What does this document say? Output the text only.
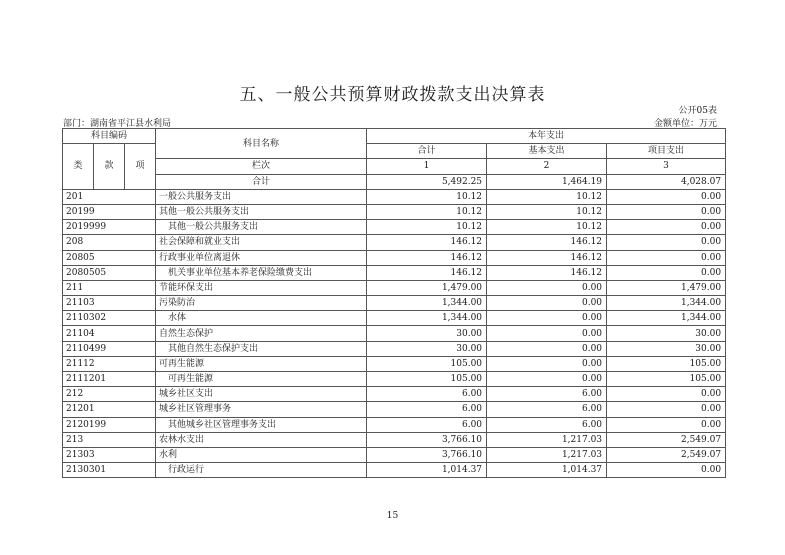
五、一般公共预算财政拨款支出决算表
公开05表
部门：湖南省平江县水利局	金额单位：万元
科目编码			科目名称	本年支出		
类	款	项		合计	基本支出	项目支出
			栏次	1	2	3
			合计	5,492.25	1,464.19	4,028.07
201			一般公共服务支出	10.12	10.12	0.00
20199			其他一般公共服务支出	10.12	10.12	0.00
2019999			其他一般公共服务支出	10.12	10.12	0.00
208			社会保障和就业支出	146.12	146.12	0.00
20805			行政事业单位离退休	146.12	146.12	0.00
2080505			机关事业单位基本养老保险缴费支出	146.12	146.12	0.00
211			节能环保支出	1,479.00	0.00	1,479.00
21103			污染防治	1,344.00	0.00	1,344.00
2110302			水体	1,344.00	0.00	1,344.00
21104			自然生态保护	30.00	0.00	30.00
2110499			其他自然生态保护支出	30.00	0.00	30.00
21112			可再生能源	105.00	0.00	105.00
2111201			可再生能源	105.00	0.00	105.00
212			城乡社区支出	6.00	6.00	0.00
21201			城乡社区管理事务	6.00	6.00	0.00
2120199			其他城乡社区管理事务支出	6.00	6.00	0.00
213			农林水支出	3,766.10	1,217.03	2,549.07
21303			水利	3,766.10	1,217.03	2,549.07
2130301			行政运行	1,014.37	1,014.37	0.00
15
